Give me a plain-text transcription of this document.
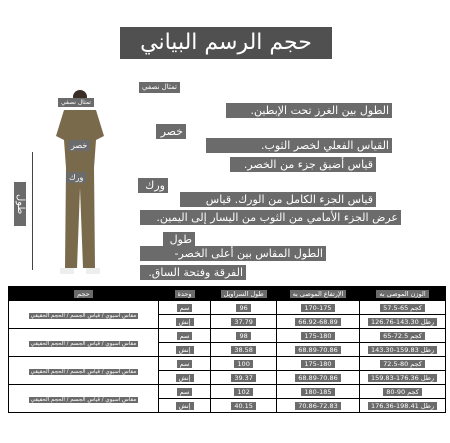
حجم الرسم البياني
تمثال نصفي
خصر
ورك
طول
تمثال نصفي
الطول بين الغرز تحت الإبطين.
خصر
القياس الفعلي لخصر الثوب.
قياس أضيق جزء من الخصر.
ورك
قياس الجزء الكامل من الورك. قياس
عرض الجزء الأمامي من الثوب من اليسار إلى اليمين.
طول
الطول المقاس بين أعلى الخصر-
الفرقة وفتحة الساق.
حجم	وحدة	طول السراويل	الإرتفاع الموصى به	الوزن الموصى به
مقاس آسيوي / قياس الجسم / الحجم الحقيقي	سم	96	170-175	57.5-65 كجم
	إنش	37.79	66.92-68.89	126.76-143.30 رطل
مقاس آسيوي / قياس الجسم / الحجم الحقيقي	سم	98	175-180	65-72.5 كجم
	إنش	38.58	68.89-70.86	143.30-159.83 رطل
مقاس آسيوي / قياس الجسم / الحجم الحقيقي	سم	100	175-180	72.5-80 كجم
	إنش	39.37	68.89-70.86	159.83-176.36 رطل
مقاس آسيوي / قياس الجسم / الحجم الحقيقي	سم	102	180-185	80-90 كجم
	إنش	40.15	70.86-72.83	176.36-198.41 رطل
